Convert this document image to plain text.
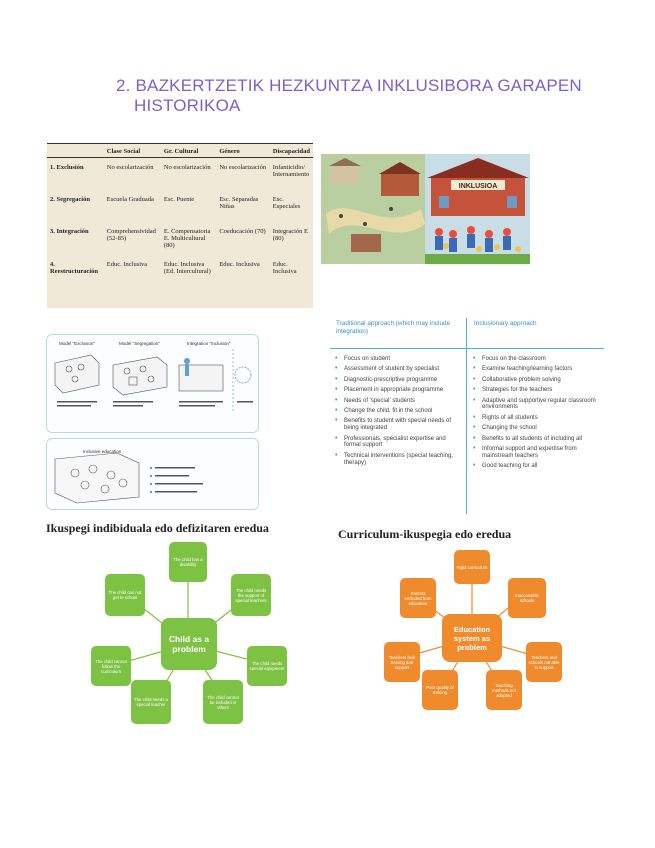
2. BAZKERTZETIK HEZKUNTZA INKLUSIBORA GARAPEN
HISTORIKOA
	Clase Social	Gr. Cultural	Género	Discapacidad
1. Exclusión	No escolarización	No escolarización	No escolarización	Infanticidio/ Internamiento
2. Segregación	Escuela Graduada	Esc. Puente	Esc. Separadas Niñas	Esc. Especiales
3. Integración	Comprehensividad (52-85)	E. Compensatoria E. Multicultural (80)	Coeducación (70)	Integración E (80)
4. Reestructuración	Educ. Inclusiva	Educ. Inclusiva (Ed. Intercultural)	Educ. Inclusiva	Educ. Inclusiva
INKLUSIOA
Model "Exclusion"	Model "Segregation"	Integration "Inclusion"
Inclusive education
Traditional approach (which may include integration)
Inclusionary approach
• Focus on student
• Assessment of student by specialist
• Diagnostic-prescriptive programme
• Placement in appropriate programme
• Needs of 'special' students
• Change the child, fit in the school
• Benefits to student with special needs of being integrated
• Professionals, specialist expertise and formal support
• Technical interventions (special teaching, therapy)
• Focus on the classroom
• Examine teaching/learning factors
• Collaborative problem solving
• Strategies for the teachers
• Adaptive and supportive regular classroom environments
• Rights of all students
• Changing the school
• Benefits to all students of including all
• Informal support and expertise from mainstream teachers
• Good teaching for all
Ikuspegi indibiduala edo defizitaren eredua	Curriculum-ikuspegia edo eredua
Child as a problem
The child has a disability
The child needs the support of special teachers
The child needs special equipment
The child cannot be included in others
The child needs a special teacher
The child cannot follow the curriculum
The child can not get to school
Education system as problem
Rigid curriculum
Inaccessible schools
Teachers and schools not able to support
Teaching methods not adapted
Poor quality of training
Teachers lack training and support
Parents excluded from education
